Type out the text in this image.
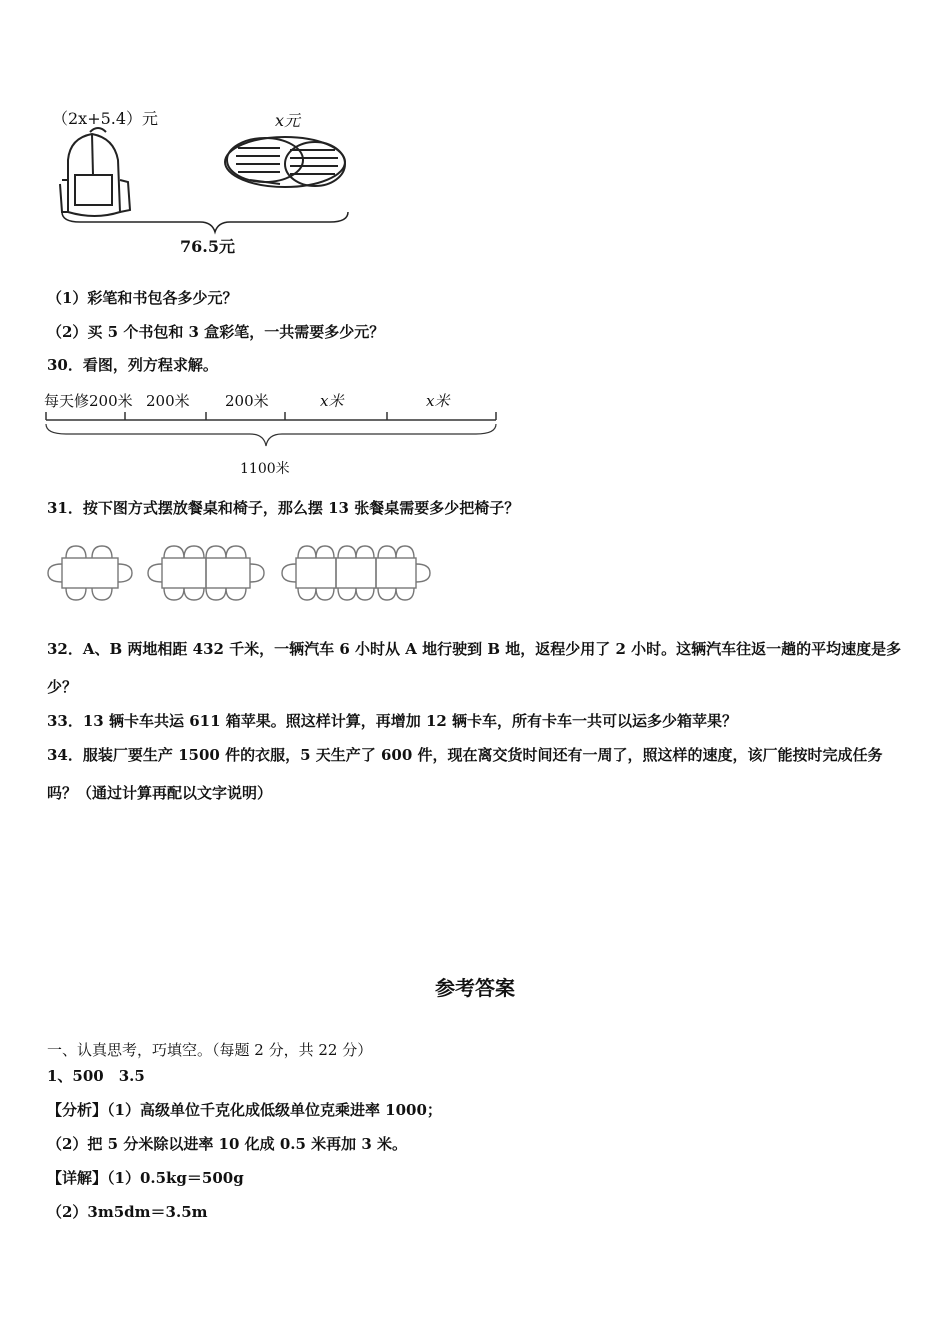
（2x+5.4）元	x元
76.5元
（1）彩笔和书包各多少元？
（2）买 5 个书包和 3 盒彩笔，一共需要多少元？
30．看图，列方程求解。
每天修200米 200米 200米	x米	x米
1100米
31．按下图方式摆放餐桌和椅子，那么摆 13 张餐桌需要多少把椅子？
32．A、B 两地相距 432 千米，一辆汽车 6 小时从 A 地行驶到 B 地，返程少用了 2 小时。这辆汽车往返一趟的平均速度是多少？
33．13 辆卡车共运 611 箱苹果。照这样计算，再增加 12 辆卡车，所有卡车一共可以运多少箱苹果？
34．服装厂要生产 1500 件的衣服，5 天生产了 600 件，现在离交货时间还有一周了，照这样的速度，该厂能按时完成任务吗？（通过计算再配以文字说明）
参考答案
一、认真思考，巧填空。（每题 2 分，共 22 分）
1、500　3.5
【分析】（1）高级单位千克化成低级单位克乘进率 1000；
（2）把 5 分米除以进率 10 化成 0.5 米再加 3 米。
【详解】（1）0.5kg＝500g
（2）3m5dm＝3.5m
